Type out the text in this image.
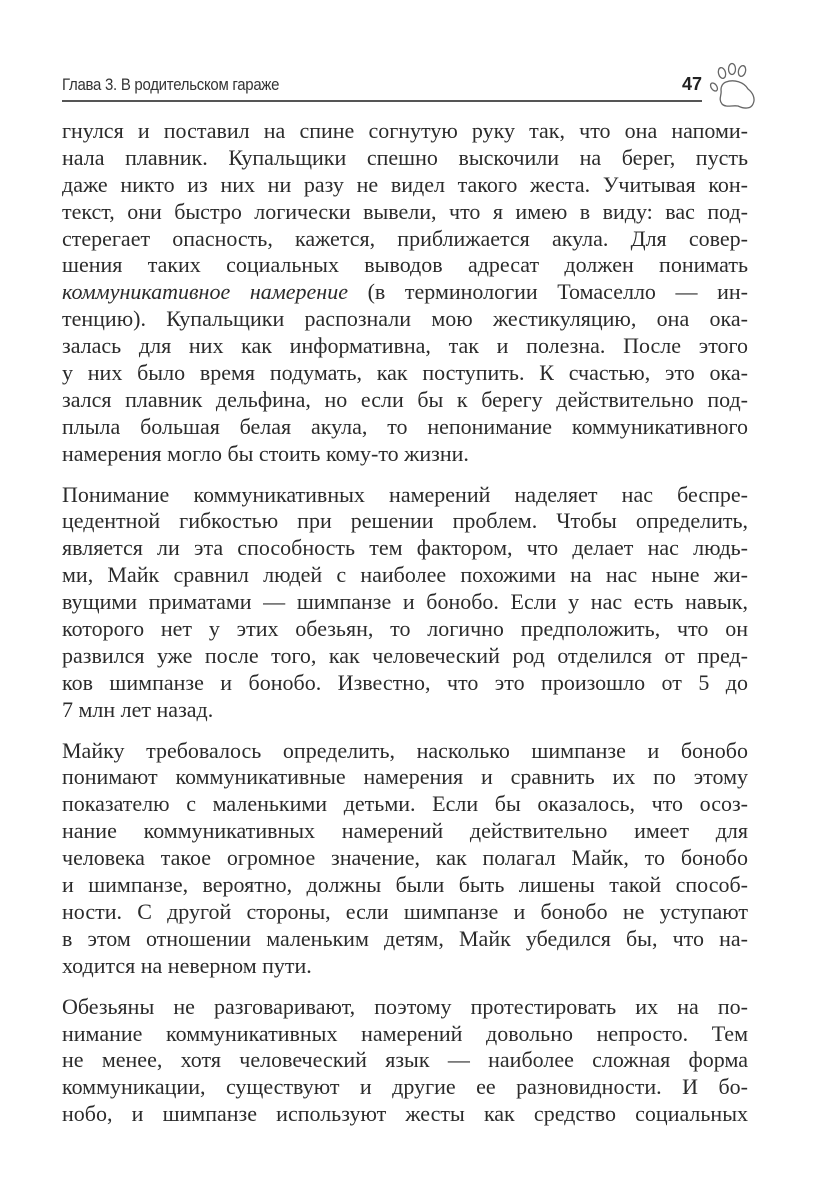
Глава 3. В родительском гараже	47
гнулся и поставил на спине согнутую руку так, что она напоми-
нала плавник. Купальщики спешно выскочили на берег, пусть
даже никто из них ни разу не видел такого жеста. Учитывая кон-
текст, они быстро логически вывели, что я имею в виду: вас под-
стерегает опасность, кажется, приближается акула. Для совер-
шения таких социальных выводов адресат должен понимать
коммуникативное намерение (в терминологии Томаселло — ин-
тенцию). Купальщики распознали мою жестикуляцию, она ока-
залась для них как информативна, так и полезна. После этого
у них было время подумать, как поступить. К счастью, это ока-
зался плавник дельфина, но если бы к берегу действительно под-
плыла большая белая акула, то непонимание коммуникативного
намерения могло бы стоить кому-то жизни.
Понимание коммуникативных намерений наделяет нас беспре-
цедентной гибкостью при решении проблем. Чтобы определить,
является ли эта способность тем фактором, что делает нас людь-
ми, Майк сравнил людей с наиболее похожими на нас ныне жи-
вущими приматами — шимпанзе и бонобо. Если у нас есть навык,
которого нет у этих обезьян, то логично предположить, что он
развился уже после того, как человеческий род отделился от пред-
ков шимпанзе и бонобо. Известно, что это произошло от 5 до
7 млн лет назад.
Майку требовалось определить, насколько шимпанзе и бонобо
понимают коммуникативные намерения и сравнить их по этому
показателю с маленькими детьми. Если бы оказалось, что осоз-
нание коммуникативных намерений действительно имеет для
человека такое огромное значение, как полагал Майк, то бонобо
и шимпанзе, вероятно, должны были быть лишены такой способ-
ности. С другой стороны, если шимпанзе и бонобо не уступают
в этом отношении маленьким детям, Майк убедился бы, что на-
ходится на неверном пути.
Обезьяны не разговаривают, поэтому протестировать их на по-
нимание коммуникативных намерений довольно непросто. Тем
не менее, хотя человеческий язык — наиболее сложная форма
коммуникации, существуют и другие ее разновидности. И бо-
нобо, и шимпанзе используют жесты как средство социальных
